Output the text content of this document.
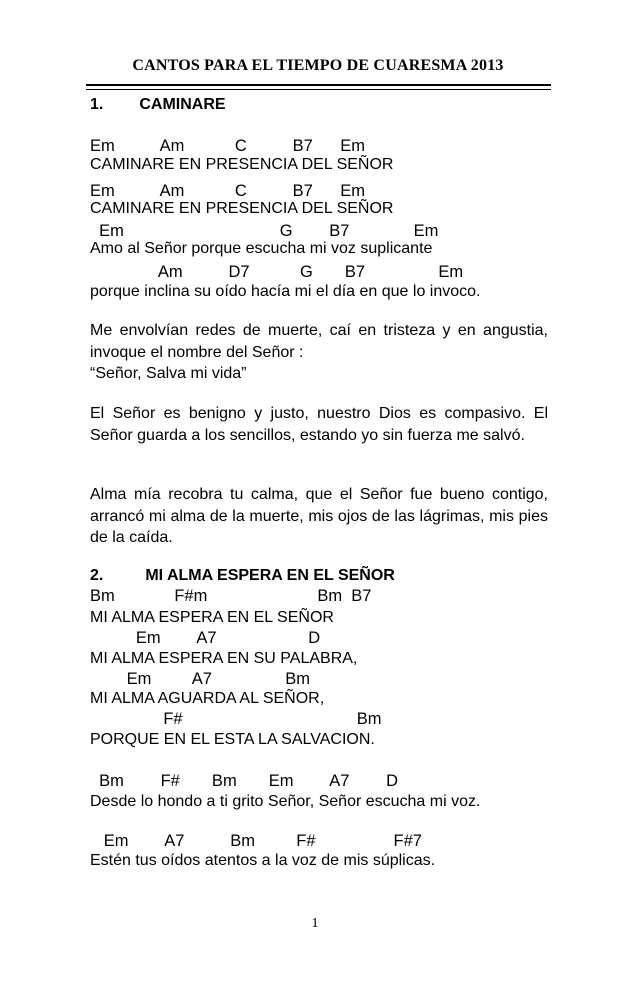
CANTOS PARA EL TIEMPO DE CUARESMA 2013
1. CAMINARE
Em          Am           C          B7      Em
CAMINARE EN PRESENCIA DEL SEÑOR
Em          Am           C          B7      Em
CAMINARE EN PRESENCIA DEL SEÑOR
Em                                  G        B7              Em
Amo al Señor porque escucha mi voz suplicante
Am          D7           G       B7                Em
porque inclina su oído hacía mi el día en que lo invoco.
Me envolvían redes de muerte, caí en tristeza y en angustia, invoque el nombre del Señor :
“Señor, Salva mi vida”
El Señor es benigno y justo, nuestro Dios es compasivo. El Señor guarda a los sencillos, estando yo sin fuerza me salvó.
Alma mía recobra tu calma, que el Señor fue bueno contigo, arrancó mi alma de la muerte, mis ojos de las lágrimas, mis pies de la caída.
2.	MI ALMA ESPERA EN EL SEÑOR
Bm             F#m                        Bm  B7
MI ALMA ESPERA EN EL SEÑOR
Em        A7                    D
MI ALMA ESPERA EN SU PALABRA,
Em         A7                Bm
MI ALMA AGUARDA AL SEÑOR,
F#                                      Bm
PORQUE EN EL ESTA LA SALVACION.
Bm        F#       Bm       Em        A7        D
Desde lo hondo a ti grito Señor, Señor escucha mi voz.
Em        A7          Bm         F#                 F#7
Estén tus oídos atentos a la voz de mis súplicas.
1
